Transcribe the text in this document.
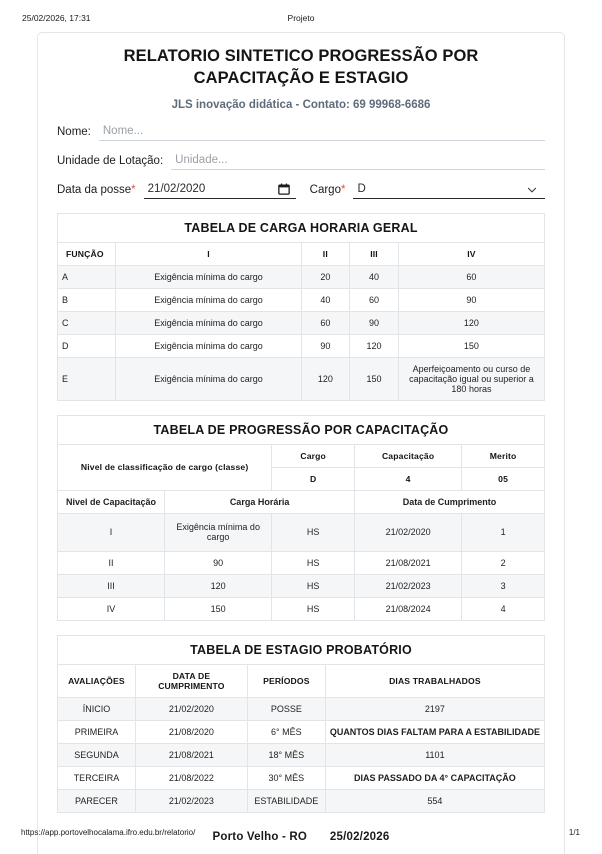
25/02/2026, 17:31	Projeto
RELATORIO SINTETICO PROGRESSÃO POR CAPACITAÇÃO E ESTAGIO
JLS inovação didática - Contato: 69 99968-6686
Nome:
Nome...
Unidade de Lotação:
Unidade...
Data da posse*	21/02/2020	Cargo*	D
TABELA DE CARGA HORARIA GERAL				
FUNÇÃO	I	II	III	IV
A	Exigência mínima do cargo	20	40	60
B	Exigência mínima do cargo	40	60	90
C	Exigência mínima do cargo	60	90	120
D	Exigência mínima do cargo	90	120	150
E	Exigência mínima do cargo	120	150	Aperfeiçoamento ou curso de capacitação igual ou superior a 180 horas
TABELA DE PROGRESSÃO POR CAPACITAÇÃO				
Nivel de classificação de cargo (classe)		Cargo	Capacitação	Merito
		D	4	05
Nivel de Capacitação	Carga Horária		Data de Cumprimento	
I	Exigência mínima do cargo	HS	21/02/2020	1
II	90	HS	21/08/2021	2
III	120	HS	21/02/2023	3
IV	150	HS	21/08/2024	4
TABELA DE ESTAGIO PROBATÓRIO			
AVALIAÇÕES	DATA DE CUMPRIMENTO	PERÍODOS	DIAS TRABALHADOS
ÍNICIO	21/02/2020	POSSE	2197
PRIMEIRA	21/08/2020	6° MÊS	QUANTOS DIAS FALTAM PARA A ESTABILIDADE
SEGUNDA	21/08/2021	18° MÊS	1101
TERCEIRA	21/08/2022	30° MÊS	DIAS PASSADO DA 4° CAPACITAÇÃO
PARECER	21/02/2023	ESTABILIDADE	554
Porto Velho - RO 25/02/2026
https://app.portovelhocalama.ifro.edu.br/relatorio/	1/1
